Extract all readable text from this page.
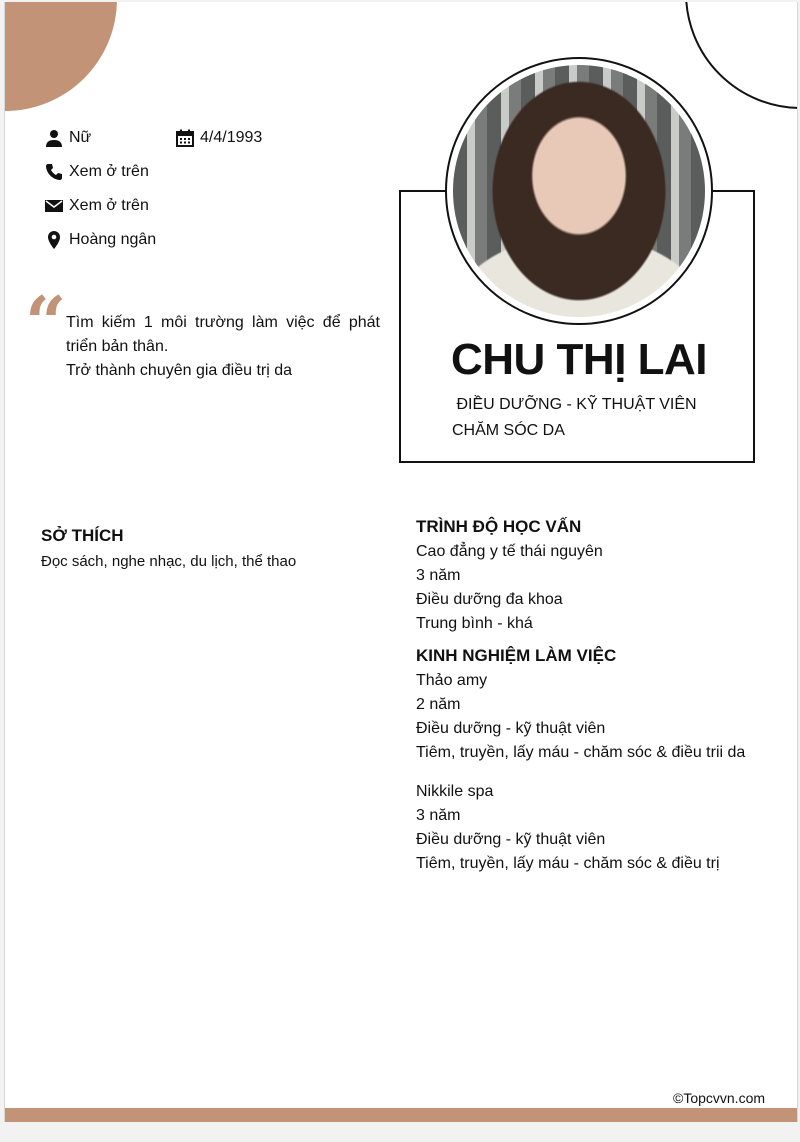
Nữ	4/4/1993
Xem ở trên
Xem ở trên
Hoàng ngân
“ Tìm kiếm 1 môi trường làm việc để phát triển bản thân.
Trở thành chuyên gia điều trị da	CHU THỊ LAI
ĐIỀU DƯỠNG - KỸ THUẬT VIÊN
CHĂM SÓC DA
SỞ THÍCH
Đọc sách, nghe nhạc, du lịch, thể thao
TRÌNH ĐỘ HỌC VẤN
Cao đẳng y tế thái nguyên
3 năm
Điều dưỡng đa khoa
Trung bình - khá
KINH NGHIỆM LÀM VIỆC
Thảo amy
2 năm
Điều dưỡng - kỹ thuật viên
Tiêm, truyền, lấy máu - chăm sóc & điều trii da
Nikkile spa
3 năm
Điều dưỡng - kỹ thuật viên
Tiêm, truyền, lấy máu - chăm sóc & điều trị
©Topcvvn.com
